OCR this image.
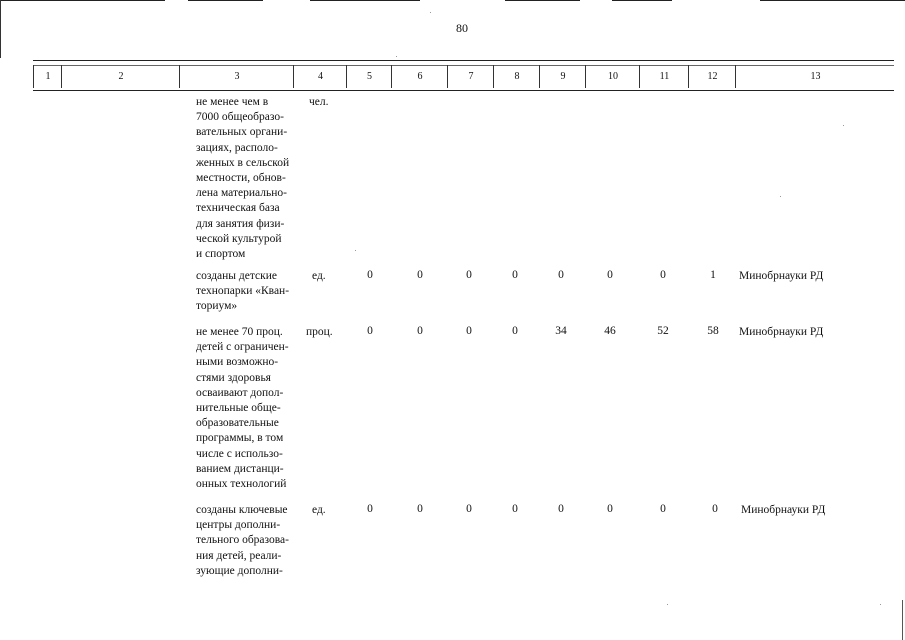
80
1	2	3	4	5	6	7	8	9	10	11	12	13
не менее чем в
7000 общеобразо-
вательных органи-
зациях, располо-
женных в сельской
местности, обнов-
лена материально-
техническая база
для занятия физи-
ческой культурой
и спортом
чел.
созданы детские
технопарки «Кван-
ториум»
ед.	0	0	0	0	0	0	0	1	Минобрнауки РД
не менее 70 проц.
детей с ограничен-
ными возможно-
стями здоровья
осваивают допол-
нительные обще-
образовательные
программы, в том
числе с использо-
ванием дистанци-
онных технологий
проц.	0	0	0	0	34	46	52	58	Минобрнауки РД
созданы ключевые
центры дополни-
тельного образова-
ния детей, реали-
зующие дополни-
ед.	0	0	0	0	0	0	0	0	Минобрнауки РД
